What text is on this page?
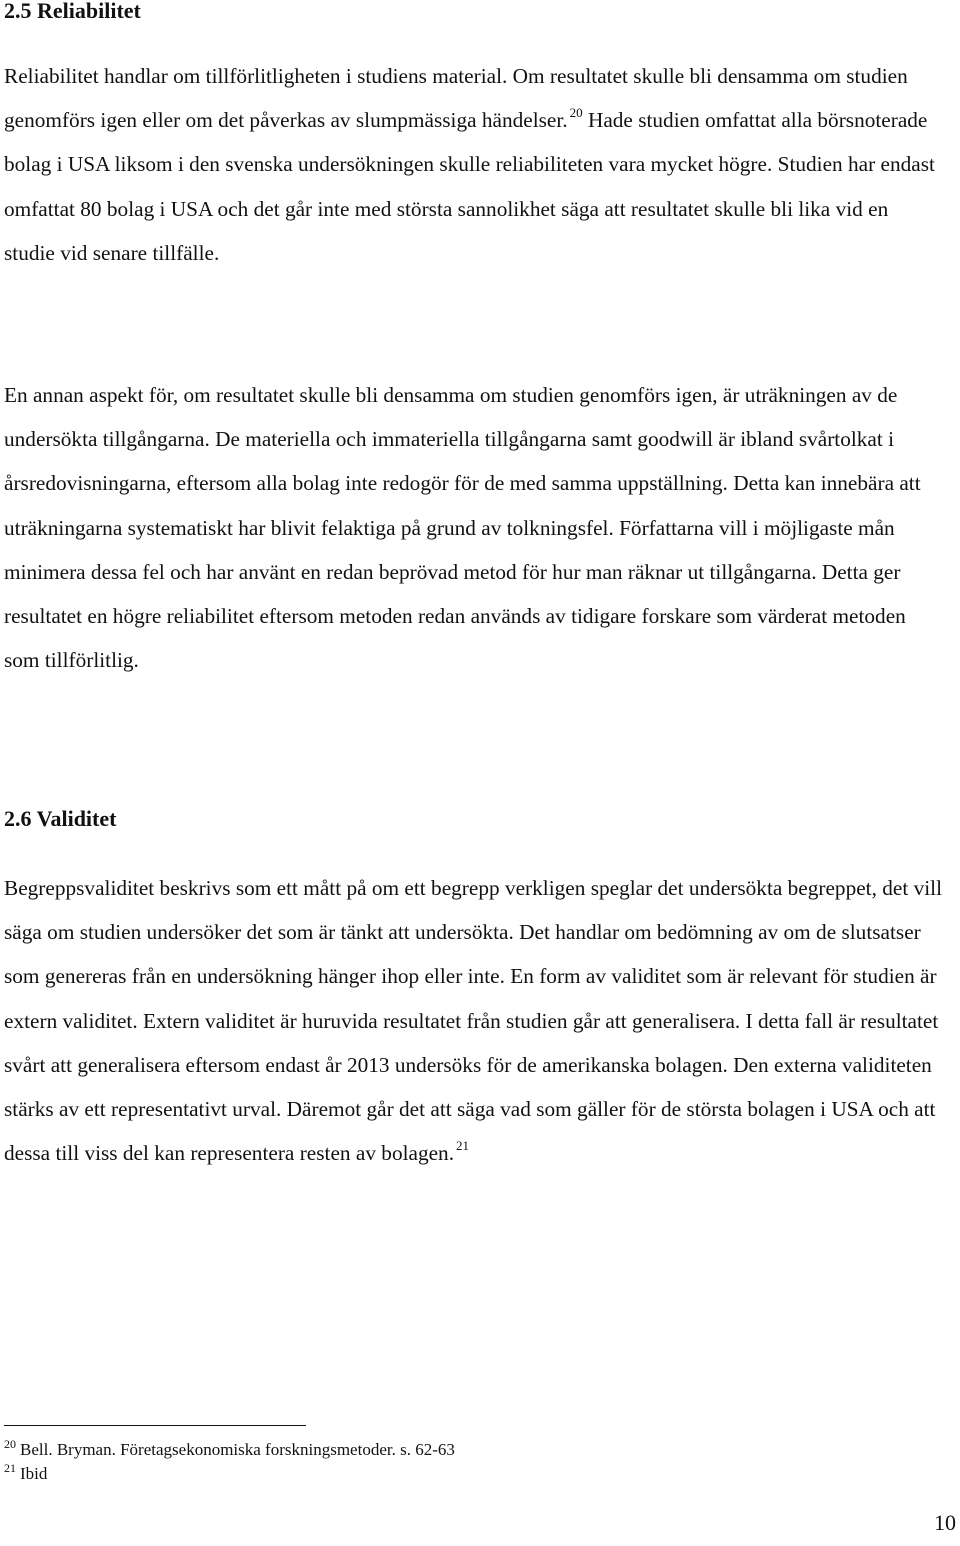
2.5 Reliabilitet

Reliabilitet handlar om tillförlitligheten i studiens material. Om resultatet skulle bli densamma om studien genomförs igen eller om det påverkas av slumpmässiga händelser. $^{20}$ Hade studien omfattat alla börsnoterade bolag i USA liksom i den svenska undersökningen skulle reliabiliteten vara mycket högre. Studien har endast omfattat 80 bolag i USA och det går inte med största sannolikhet säga att resultatet skulle bli lika vid en studie vid senare tillfälle.

En annan aspekt för, om resultatet skulle bli densamma om studien genomförs igen, är uträkningen av de undersökta tillgångarna. De materiella och immateriella tillgångarna samt goodwill är ibland svårtolkat i årsredovisningarna, eftersom alla bolag inte redogör för de med samma uppställning. Detta kan innebära att uträkningarna systematiskt har blivit felaktiga på grund av tolkningsfel. Författarna vill i möjligaste mån minimera dessa fel och har använt en redan beprövad metod för hur man räknar ut tillgångarna. Detta ger resultatet en högre reliabilitet eftersom metoden redan används av tidigare forskare som värderat metoden som tillförlitlig.

2.6 Validitet

Begreppsvaliditet beskrivs som ett mått på om ett begrepp verkligen speglar det undersökta begreppet, det vill säga om studien undersöker det som är tänkt att undersökta. Det handlar om bedömning av om de slutsatser som genereras från en undersökning hänger ihop eller inte. En form av validitet som är relevant för studien är extern validitet. Extern validitet är huruvida resultatet från studien går att generalisera. I detta fall är resultatet svårt att generalisera eftersom endast år 2013 undersöks för de amerikanska bolagen. Den externa validiteten stärks av ett representativt urval. Däremot går det att säga vad som gäller för de största bolagen i USA och att dessa till viss del kan representera resten av bolagen. $^{21}$

$^{20}$ Bell. Bryman. Företagsekonomiska forskningsmetoder. s. 62-63

$^{21}$ Ibid

10
